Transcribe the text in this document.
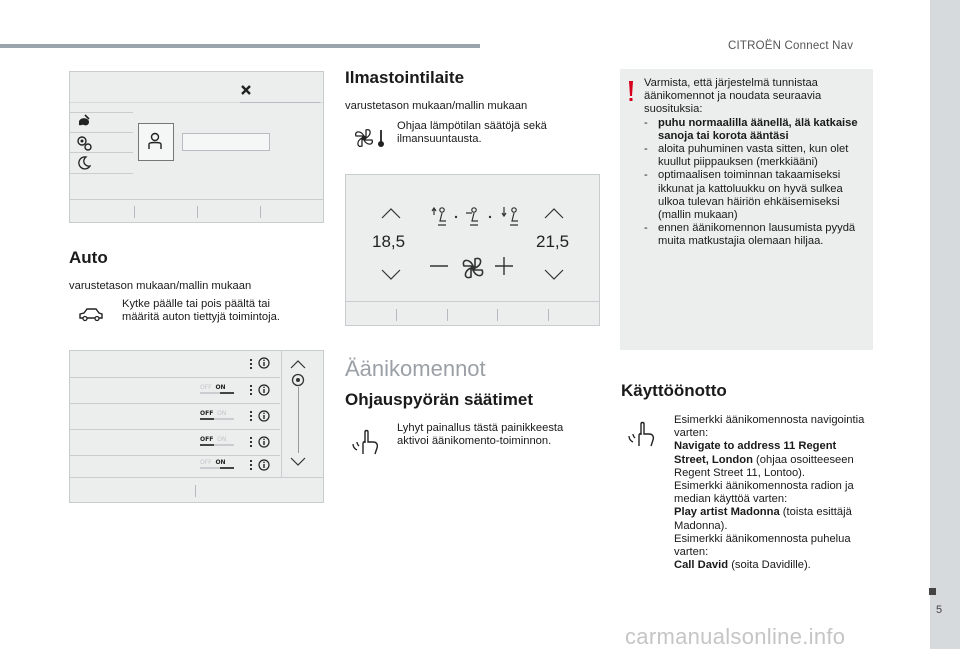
CITROËN Connect Nav
5
carmanualsonline.info
Auto
varustetason mukaan/mallin mukaan
Kytke päälle tai pois päältä tai määritä auton tiettyjä toimintoja.
OFF ON
OFF ON
OFF ON
OFF ON
Ilmastointilaite
varustetason mukaan/mallin mukaan
Ohjaa lämpötilan säätöjä sekä ilmansuuntausta.
18,5	21,5
Äänikomennot
Ohjauspyörän säätimet
Lyhyt painallus tästä painikkeesta aktivoi äänikomento-toiminnon.
Varmista, että järjestelmä tunnistaa äänikomennot ja noudata seuraavia suosituksia:
- puhu normaalilla äänellä, älä katkaise sanoja tai korota ääntäsi
- aloita puhuminen vasta sitten, kun olet kuullut piippauksen (merkkiääni)
- optimaalisen toiminnan takaamiseksi ikkunat ja kattoluukku on hyvä sulkea ulkoa tulevan häiriön ehkäisemiseksi (mallin mukaan)
- ennen äänikomennon lausumista pyydä muita matkustajia olemaan hiljaa.
Käyttöönotto
Esimerkki äänikomennosta navigointia varten:
Navigate to address 11 Regent Street, London (ohjaa osoitteeseen Regent Street 11, Lontoo).
Esimerkki äänikomennosta radion ja median käyttöä varten:
Play artist Madonna (toista esittäjä Madonna).
Esimerkki äänikomennosta puhelua varten:
Call David (soita Davidille).
